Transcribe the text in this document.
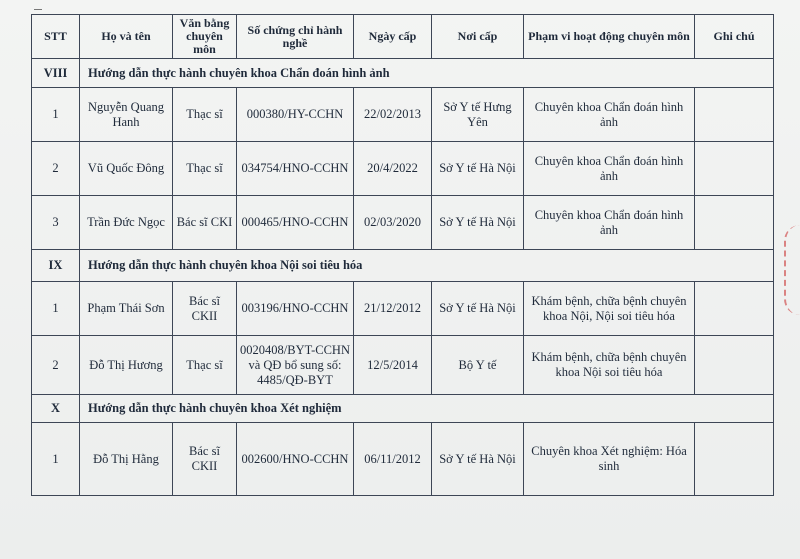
STT	Họ và tên	Văn bằng chuyên môn	Số chứng chỉ hành nghề	Ngày cấp	Nơi cấp	Phạm vi hoạt động chuyên môn	Ghi chú
VIII	Hướng dẫn thực hành chuyên khoa Chẩn đoán hình ảnh						
1	Nguyễn Quang Hanh	Thạc sĩ	000380/HY-CCHN	22/02/2013	Sở Y tế Hưng Yên	Chuyên khoa Chẩn đoán hình ảnh	
2	Vũ Quốc Đông	Thạc sĩ	034754/HNO-CCHN	20/4/2022	Sở Y tế Hà Nội	Chuyên khoa Chẩn đoán hình ảnh	
3	Trần Đức Ngọc	Bác sĩ CKI	000465/HNO-CCHN	02/03/2020	Sở Y tế Hà Nội	Chuyên khoa Chẩn đoán hình ảnh	
IX	Hướng dẫn thực hành chuyên khoa Nội soi tiêu hóa						
1	Phạm Thái Sơn	Bác sĩ CKII	003196/HNO-CCHN	21/12/2012	Sở Y tế Hà Nội	Khám bệnh, chữa bệnh chuyên khoa Nội, Nội soi tiêu hóa	
2	Đỗ Thị Hương	Thạc sĩ	0020408/BYT-CCHN và QĐ bổ sung số: 4485/QĐ-BYT	12/5/2014	Bộ Y tế	Khám bệnh, chữa bệnh chuyên khoa Nội soi tiêu hóa	
X	Hướng dẫn thực hành chuyên khoa Xét nghiệm						
1	Đỗ Thị Hằng	Bác sĩ CKII	002600/HNO-CCHN	06/11/2012	Sở Y tế Hà Nội	Chuyên khoa Xét nghiệm: Hóa sinh	
